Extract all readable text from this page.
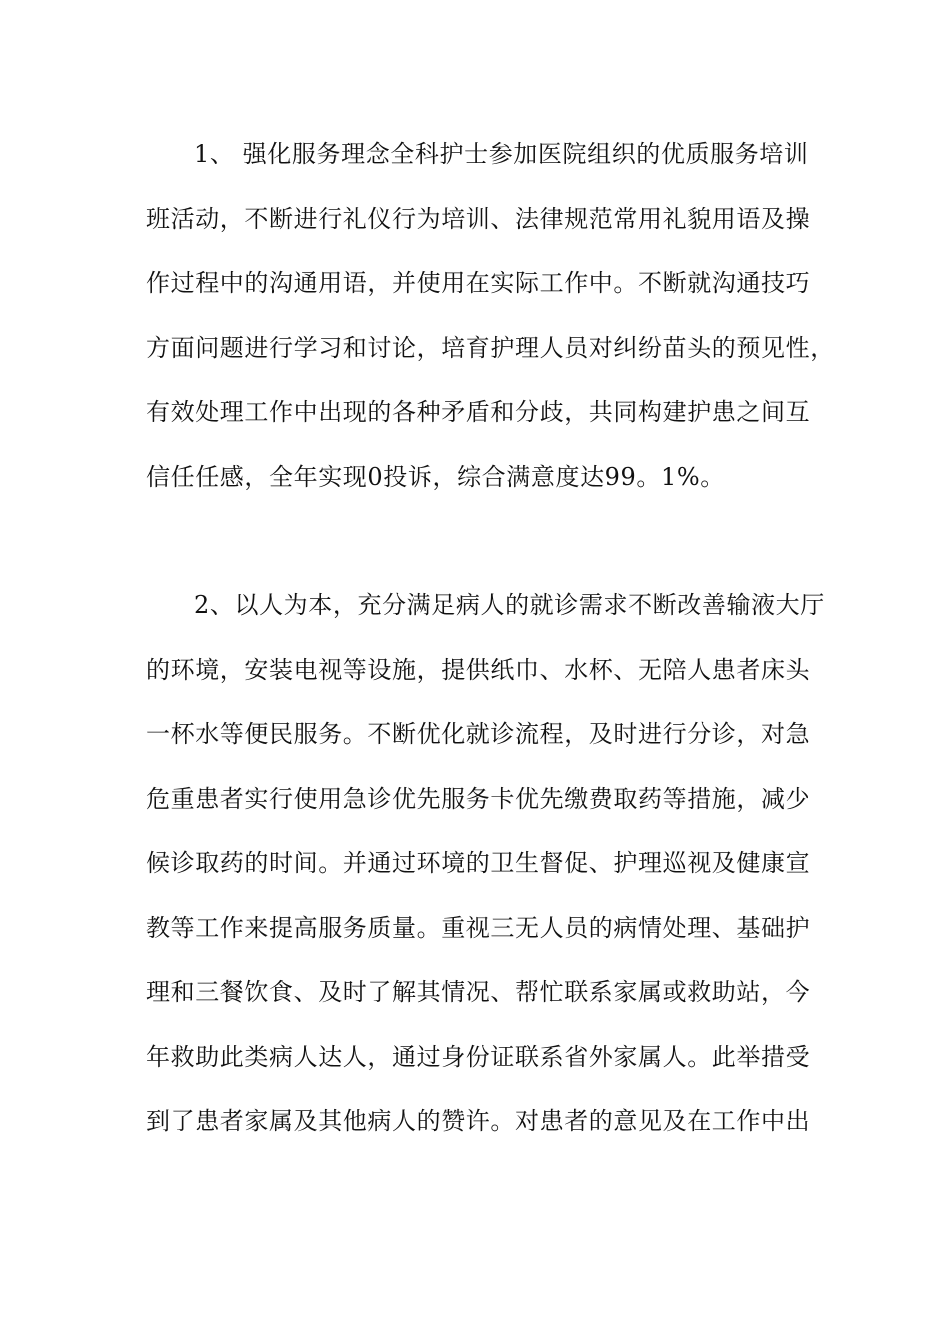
1、 强化服务理念全科护士参加医院组织的优质服务培训
班活动，不断进行礼仪行为培训、法律规范常用礼貌用语及操
作过程中的沟通用语，并使用在实际工作中。不断就沟通技巧
方面问题进行学习和讨论，培育护理人员对纠纷苗头的预见性，
有效处理工作中出现的各种矛盾和分歧，共同构建护患之间互
信任任感，全年实现0投诉，综合满意度达99。1%。
2、以人为本，充分满足病人的就诊需求不断改善输液大厅
的环境，安装电视等设施，提供纸巾、水杯、无陪人患者床头
一杯水等便民服务。不断优化就诊流程，及时进行分诊，对急
危重患者实行使用急诊优先服务卡优先缴费取药等措施，减少
候诊取药的时间。并通过环境的卫生督促、护理巡视及健康宣
教等工作来提高服务质量。重视三无人员的病情处理、基础护
理和三餐饮食、及时了解其情况、帮忙联系家属或救助站，今
年救助此类病人达人，通过身份证联系省外家属人。此举措受
到了患者家属及其他病人的赞许。对患者的意见及在工作中出
